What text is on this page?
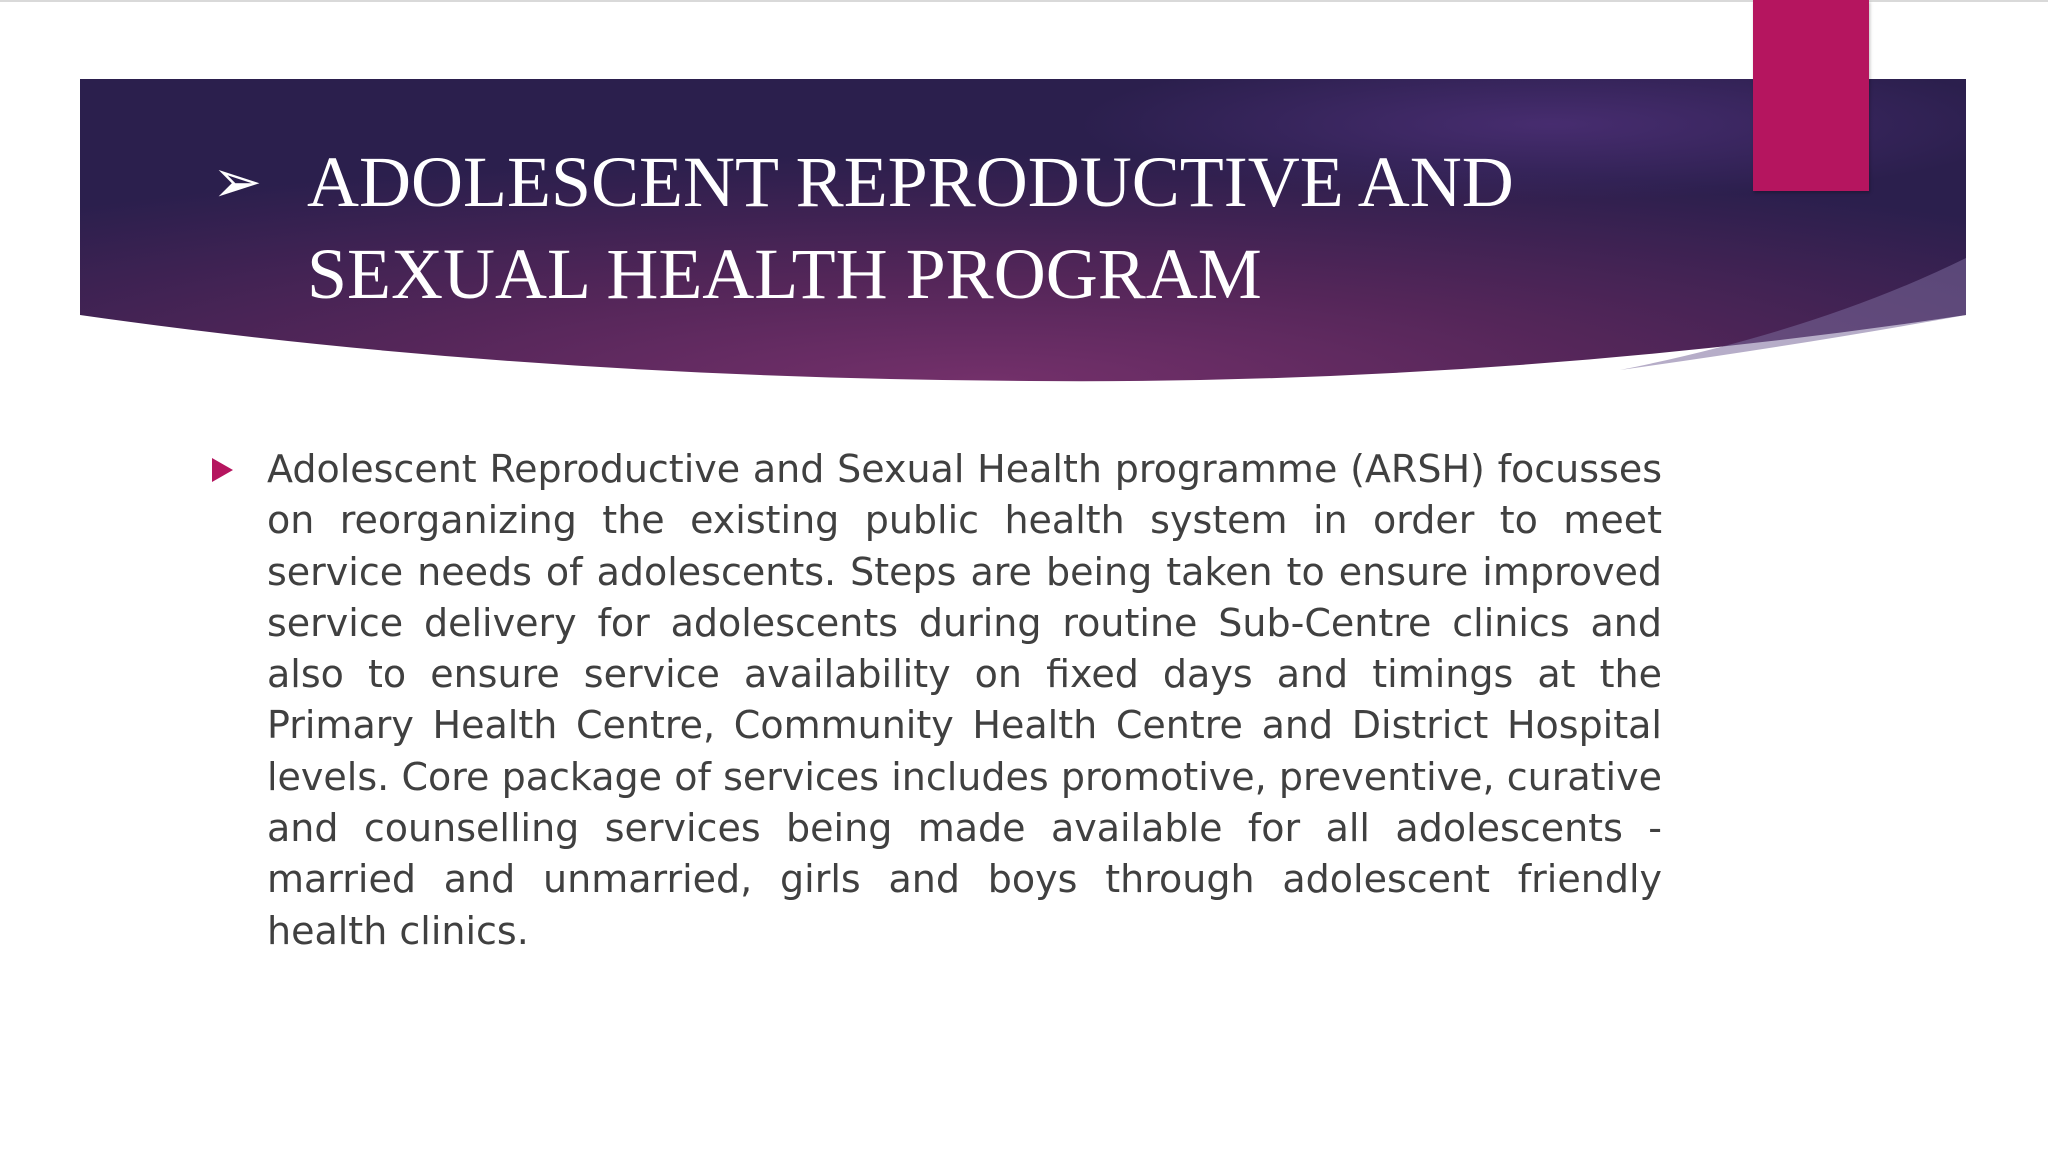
➢ ADOLESCENT REPRODUCTIVE AND SEXUAL HEALTH PROGRAM

Adolescent Reproductive and Sexual Health programme (ARSH) focusses on reorganizing the existing public health system in order to meet service needs of adolescents. Steps are being taken to ensure improved service delivery for adolescents during routine Sub-Centre clinics and also to ensure service availability on fixed days and timings at the Primary Health Centre, Community Health Centre and District Hospital levels. Core package of services includes promotive, preventive, curative and counselling services being made available for all adolescents - married and unmarried, girls and boys through adolescent friendly health clinics.
